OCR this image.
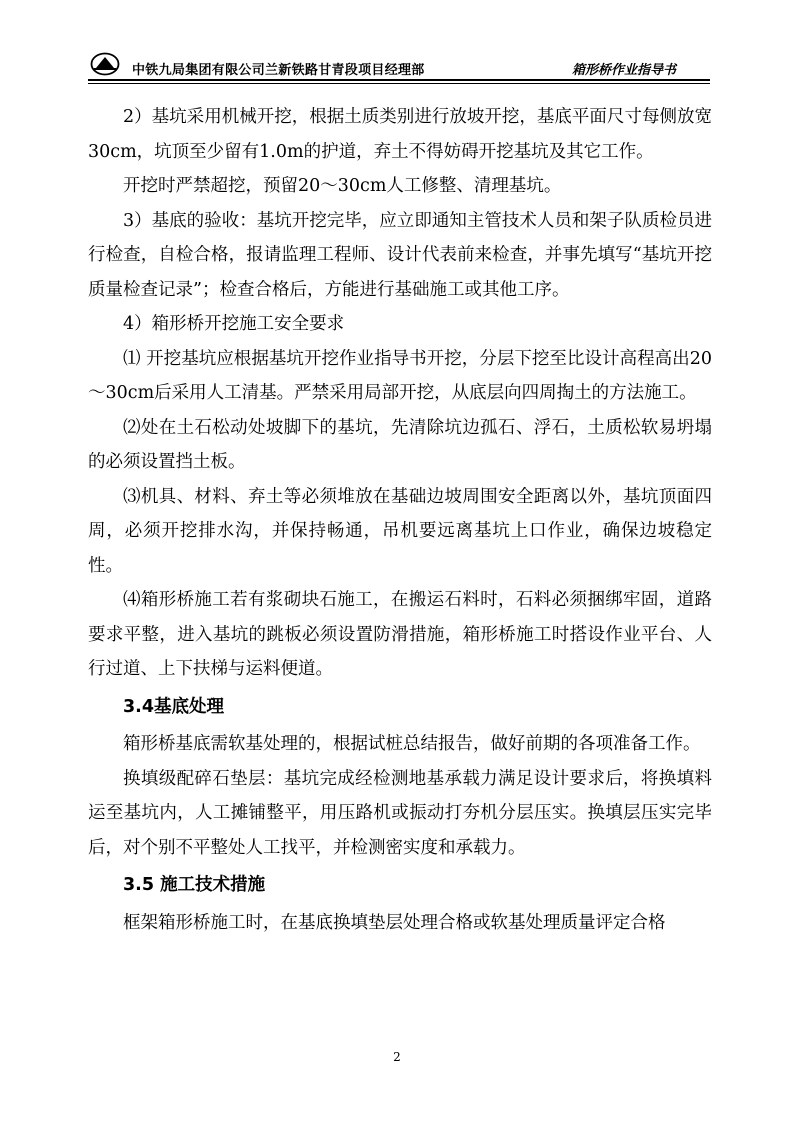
中铁九局集团有限公司兰新铁路甘青段项目经理部	箱形桥作业指导书

2）基坑采用机械开挖，根据土质类别进行放坡开挖，基底平面尺寸每侧放宽30cm，坑顶至少留有1.0m的护道，弃土不得妨碍开挖基坑及其它工作。

开挖时严禁超挖，预留20～30cm人工修整、清理基坑。

3）基底的验收：基坑开挖完毕，应立即通知主管技术人员和架子队质检员进行检查，自检合格，报请监理工程师、设计代表前来检查，并事先填写“基坑开挖质量检查记录”；检查合格后，方能进行基础施工或其他工序。

4）箱形桥开挖施工安全要求

⑴ 开挖基坑应根据基坑开挖作业指导书开挖，分层下挖至比设计高程高出20～30cm后采用人工清基。严禁采用局部开挖，从底层向四周掏土的方法施工。

⑵处在土石松动处坡脚下的基坑，先清除坑边孤石、浮石，土质松软易坍塌的必须设置挡土板。

⑶机具、材料、弃土等必须堆放在基础边坡周围安全距离以外，基坑顶面四周，必须开挖排水沟，并保持畅通，吊机要远离基坑上口作业，确保边坡稳定性。

⑷箱形桥施工若有浆砌块石施工，在搬运石料时，石料必须捆绑牢固，道路要求平整，进入基坑的跳板必须设置防滑措施，箱形桥施工时搭设作业平台、人行过道、上下扶梯与运料便道。

3.4基底处理

箱形桥基底需软基处理的，根据试桩总结报告，做好前期的各项准备工作。

换填级配碎石垫层：基坑完成经检测地基承载力满足设计要求后，将换填料运至基坑内，人工摊铺整平，用压路机或振动打夯机分层压实。换填层压实完毕后，对个别不平整处人工找平，并检测密实度和承载力。

3.5 施工技术措施

框架箱形桥施工时，在基底换填垫层处理合格或软基处理质量评定合格

2
